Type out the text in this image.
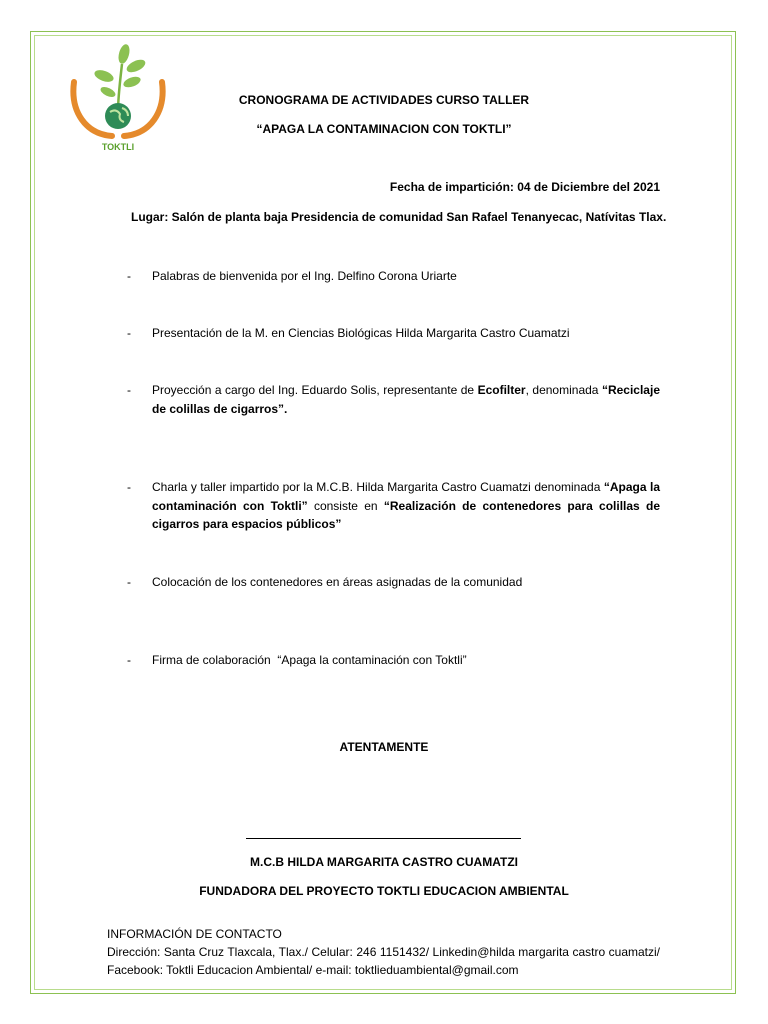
TOKTLI
CRONOGRAMA DE ACTIVIDADES CURSO TALLER
“APAGA LA CONTAMINACION CON TOKTLI”
Fecha de impartición: 04 de Diciembre del 2021
Lugar: Salón de planta baja Presidencia de comunidad San Rafael Tenanyecac, Natívitas Tlax.
- Palabras de bienvenida por el Ing. Delfino Corona Uriarte
- Presentación de la M. en Ciencias Biológicas Hilda Margarita Castro Cuamatzi
- Proyección a cargo del Ing. Eduardo Solis, representante de Ecofilter, denominada “Reciclaje de colillas de cigarros”.
- Charla y taller impartido por la M.C.B. Hilda Margarita Castro Cuamatzi denominada “Apaga la contaminación con Toktli” consiste en “Realización de contenedores para colillas de cigarros para espacios públicos”
- Colocación de los contenedores en áreas asignadas de la comunidad
- Firma de colaboración  “Apaga la contaminación con Toktli”
ATENTAMENTE
M.C.B HILDA MARGARITA CASTRO CUAMATZI
FUNDADORA DEL PROYECTO TOKTLI EDUCACION AMBIENTAL
INFORMACIÓN DE CONTACTO
Dirección: Santa Cruz Tlaxcala, Tlax./ Celular: 246 1151432/ Linkedin@hilda margarita castro cuamatzi/ Facebook: Toktli Educacion Ambiental/ e-mail: toktlieduambiental@gmail.com
